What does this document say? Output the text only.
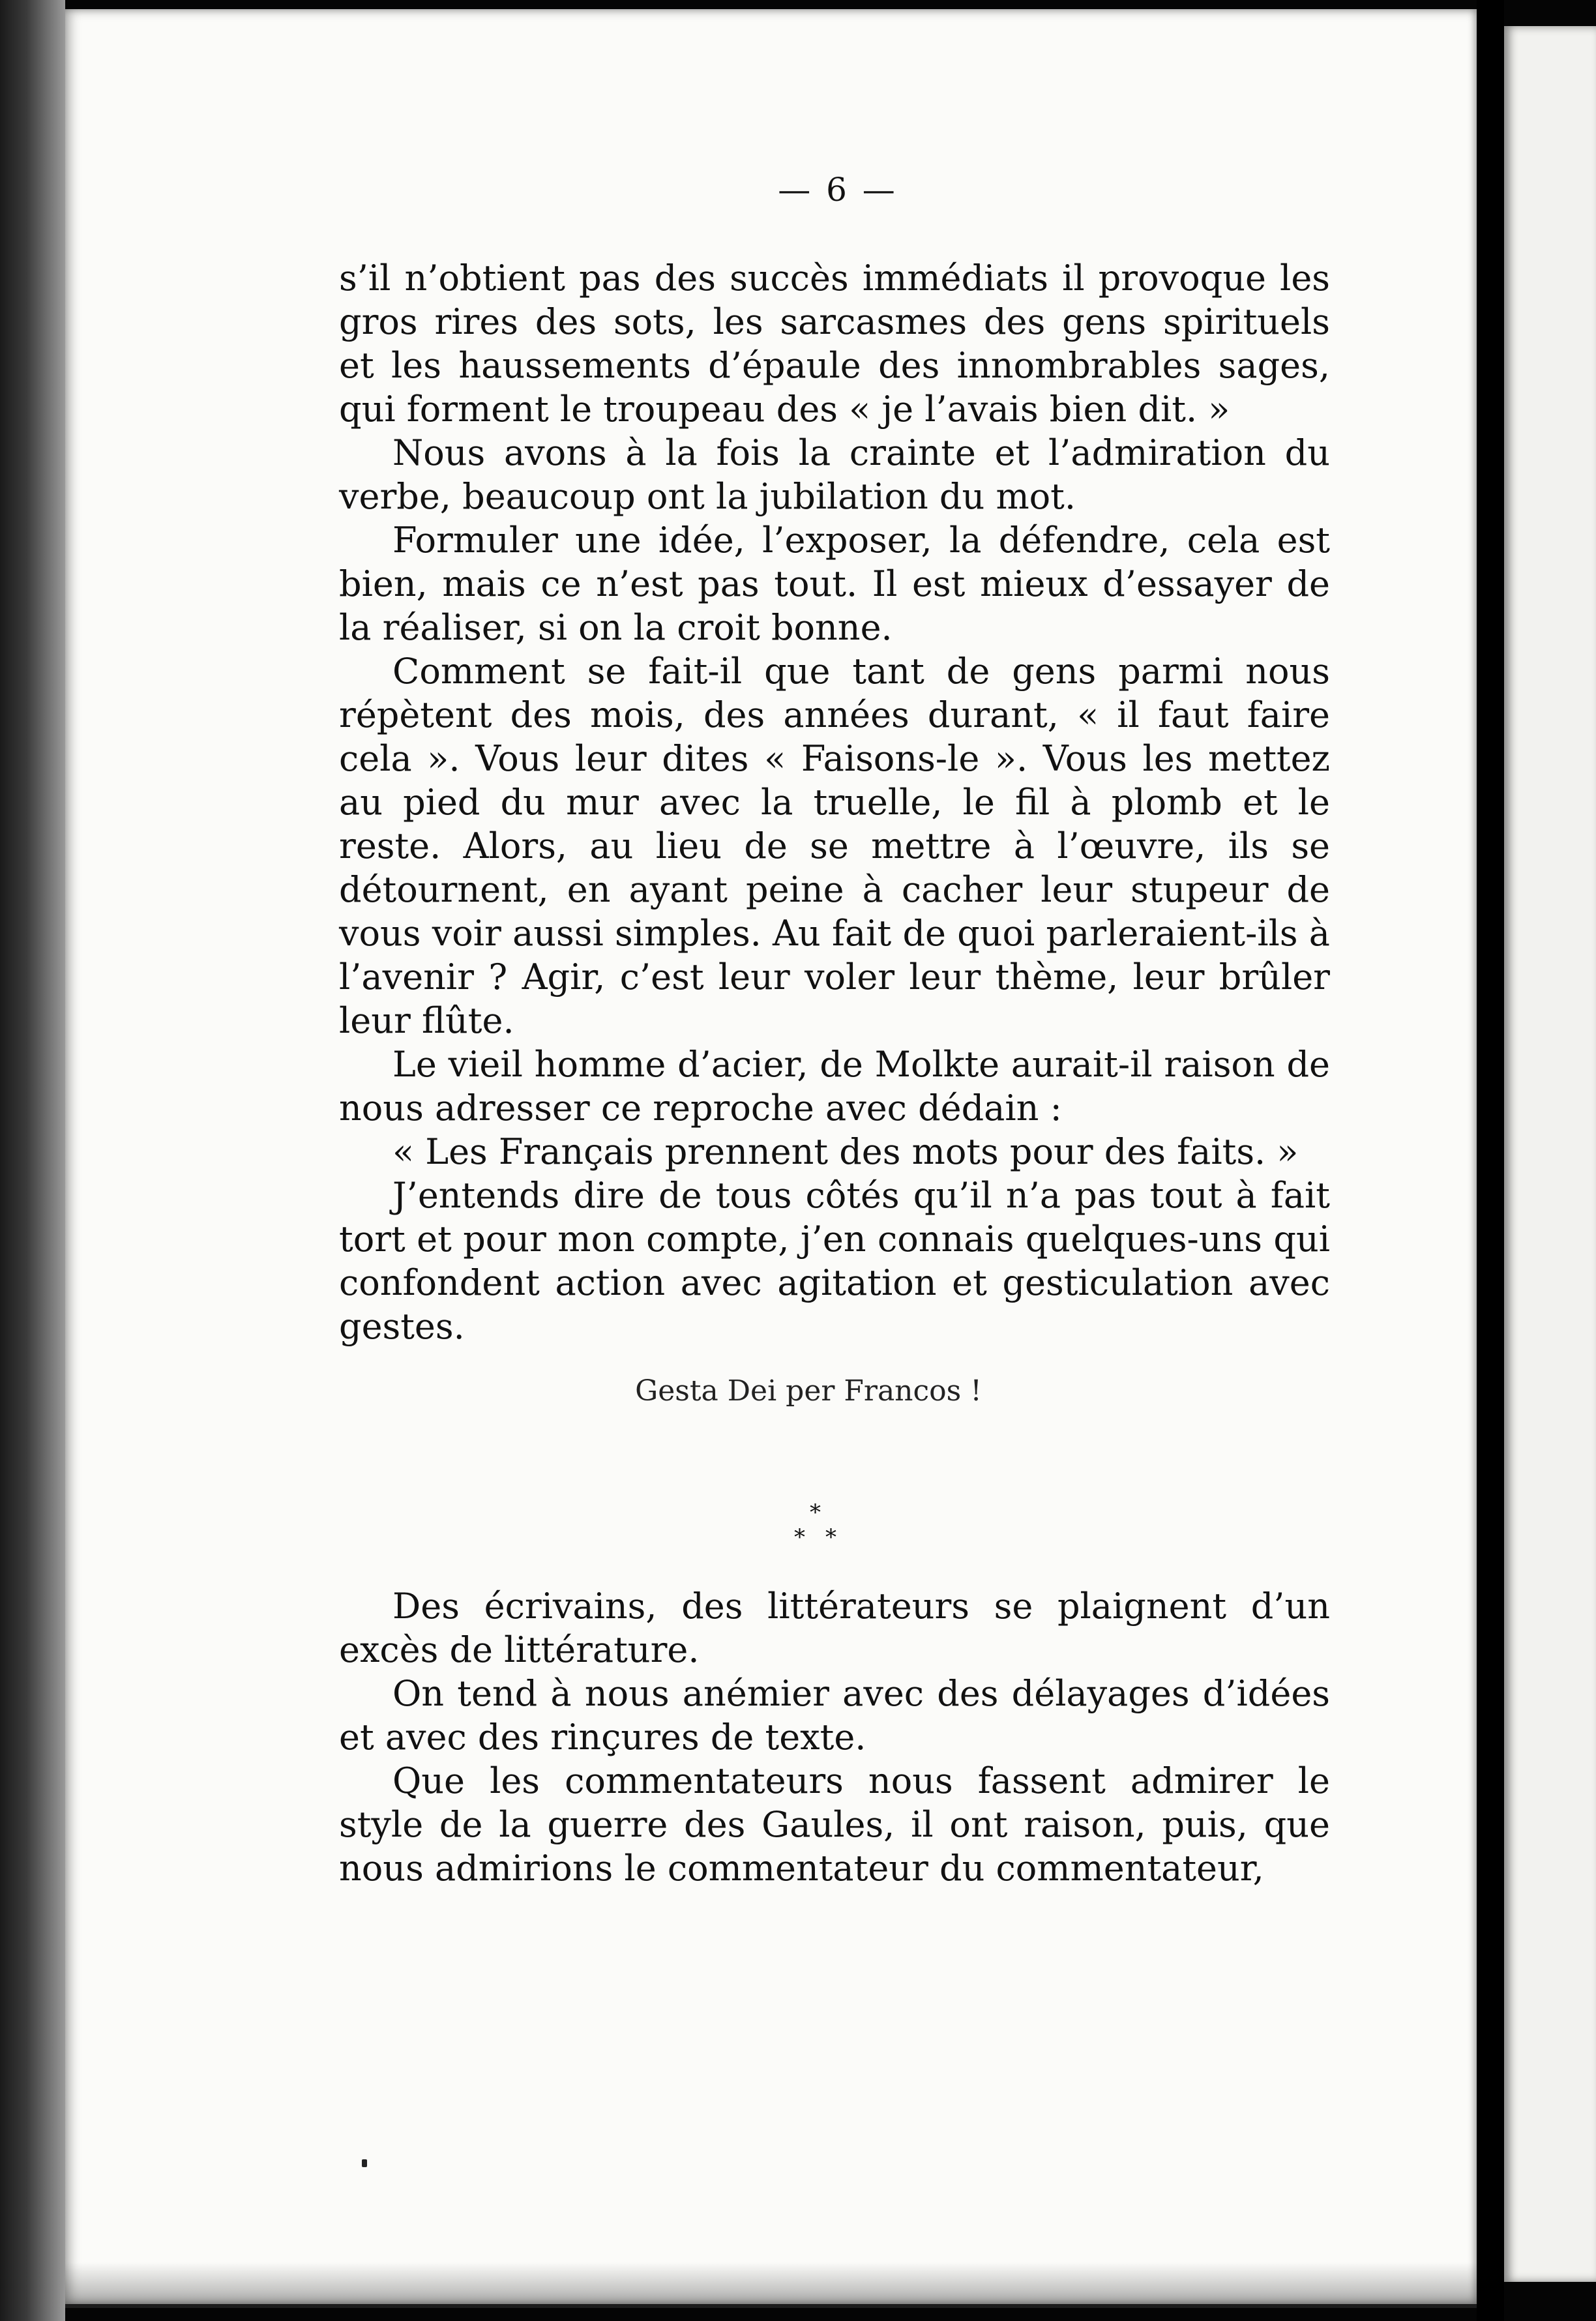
— 6 —

s’il n’obtient pas des succès immédiats il provoque les gros rires des sots, les sarcasmes des gens spirituels et les haussements d’épaule des innombrables sages, qui forment le troupeau des « je l’avais bien dit. »

Nous avons à la fois la crainte et l’admiration du verbe, beaucoup ont la jubilation du mot.

Formuler une idée, l’exposer, la défendre, cela est bien, mais ce n’est pas tout. Il est mieux d’essayer de la réaliser, si on la croit bonne.

Comment se fait-il que tant de gens parmi nous répètent des mois, des années durant, « il faut faire cela ». Vous leur dites « Faisons-le ». Vous les mettez au pied du mur avec la truelle, le fil à plomb et le reste. Alors, au lieu de se mettre à l’œuvre, ils se détournent, en ayant peine à cacher leur stupeur de vous voir aussi simples. Au fait de quoi parleraient-ils à l’avenir ? Agir, c’est leur voler leur thème, leur brûler leur flûte.

Le vieil homme d’acier, de Molkte aurait-il raison de nous adresser ce reproche avec dédain :

« Les Français prennent des mots pour des faits. »

J’entends dire de tous côtés qu’il n’a pas tout à fait tort et pour mon compte, j’en connais quelques-uns qui confondent action avec agitation et gesticulation avec gestes.

Gesta Dei per Francos !
*
* *

Des écrivains, des littérateurs se plaignent d’un excès de littérature.

On tend à nous anémier avec des délayages d’idées et avec des rinçures de texte.

Que les commentateurs nous fassent admirer le style de la guerre des Gaules, il ont raison, puis, que nous admirions le commentateur du commentateur,
